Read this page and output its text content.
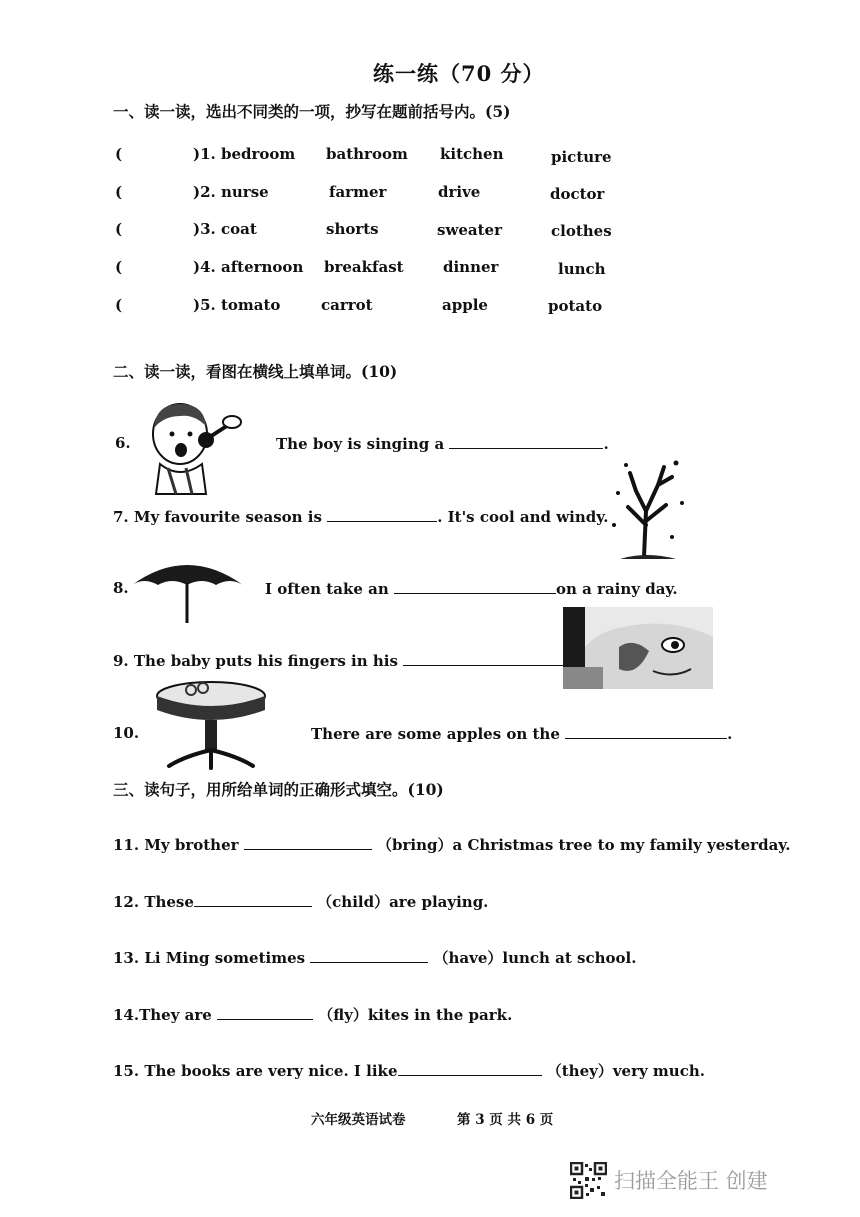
练一练（70 分）
一、读一读，选出不同类的一项，抄写在题前括号内。(5)
(	)1. bedroom bathroom kitchen	picture
(	)2. nurse	farmer	drive	doctor
(	)3. coat	shorts	sweater	clothes
(	)4. afternoon breakfast	dinner	lunch
(	)5. tomato	carrot	apple	potato
二、读一读，看图在横线上填单词。(10)
6.	The boy is singing a	.
7. My favourite season is	. It's cool and windy.
8.	I often take an	on a rainy day.
9. The baby puts his fingers in his
10.	There are some apples on the	.
三、读句子，用所给单词的正确形式填空。(10)
11. My brother	（bring）a Christmas tree to my family yesterday.
12. These	（child）are playing.
13. Li Ming sometimes	（have）lunch at school.
14.They are	（fly）kites in the park.
15. The books are very nice. I like	（they）very much.
六年级英语试卷	第 3 页 共 6 页
扫描全能王 创建
